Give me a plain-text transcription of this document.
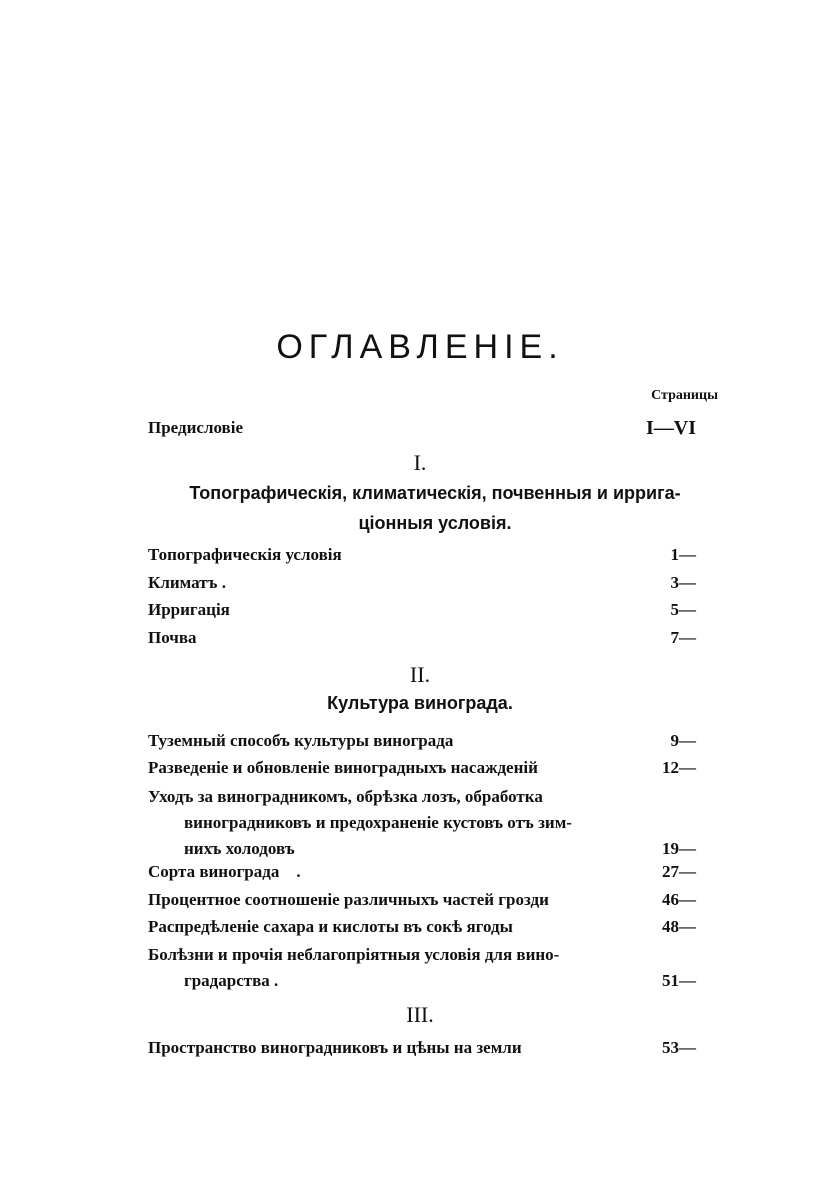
ОГЛАВЛЕНІЕ.
Страницы
Предисловіе	I—VI
I.
Топографическія, климатическія, почвенныя и ирригa-
ціонныя условія.
Топографическія условія	1—
Климатъ .	3—
Ирригація	5—
Почва	7—
II.
Культура винограда.
Туземный способъ культуры винограда	9—
Разведеніе и обновленіе виноградныхъ насажденій	12—
Уходъ за виноградникомъ, обрѣзка лозъ, обработка
виноградниковъ и предохраненіе кустовъ отъ зим-
нихъ холодовъ	19—
Сорта винограда    .	27—
Процентное соотношеніе различныхъ частей грозди	46—
Распредѣленіе сахара и кислоты въ сокѣ ягоды	48—
Болѣзни и прочія неблагопріятныя условія для вино-
градарства .	51—
III.
Пространство виноградниковъ и цѣны на земли	53—
